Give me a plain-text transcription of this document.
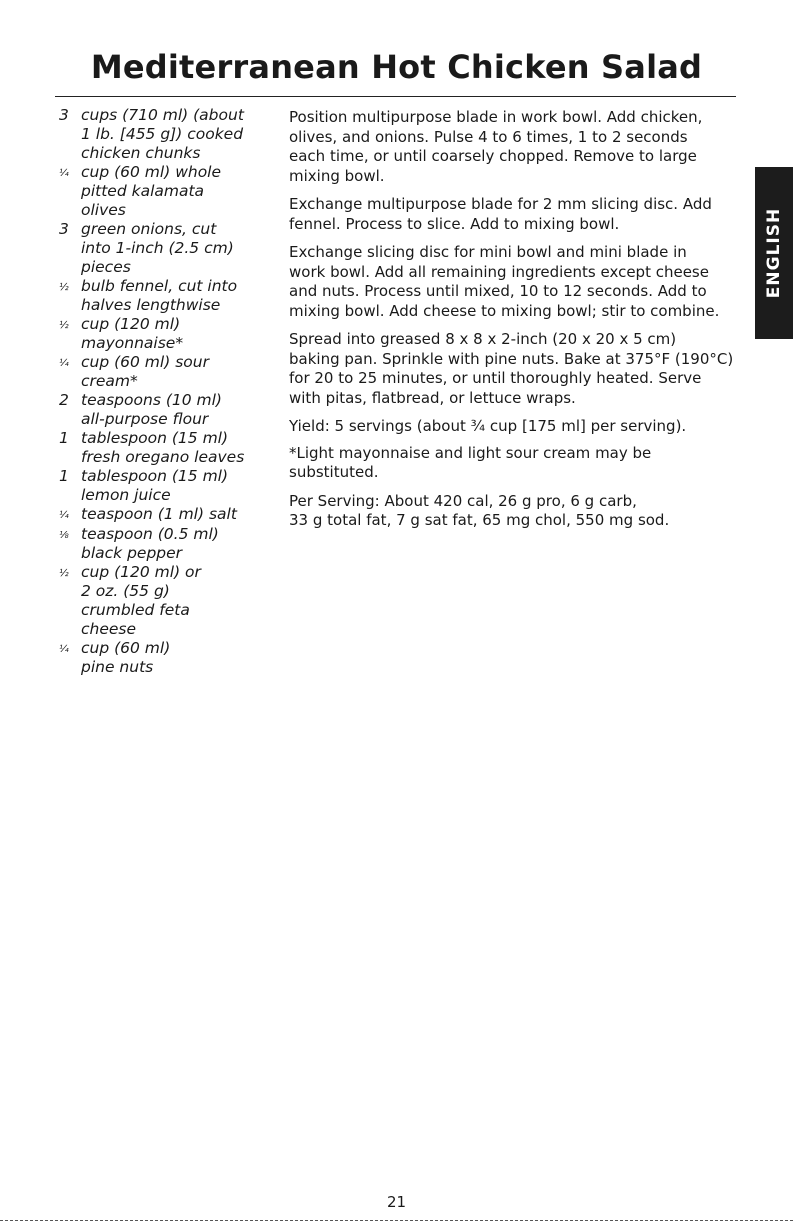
Mediterranean Hot Chicken Salad
3 cups (710 ml) (about
1 lb. [455 g]) cooked
chicken chunks
¼ cup (60 ml) whole
pitted kalamata
olives
3 green onions, cut
into 1-inch (2.5 cm)
pieces
½ bulb fennel, cut into
halves lengthwise
½ cup (120 ml)
mayonnaise*
¼ cup (60 ml) sour
cream*
2 teaspoons (10 ml)
all-purpose flour
1 tablespoon (15 ml)
fresh oregano leaves
1 tablespoon (15 ml)
lemon juice
¼ teaspoon (1 ml) salt
⅛ teaspoon (0.5 ml)
black pepper
½ cup (120 ml) or
2 oz. (55 g)
crumbled feta
cheese
¼ cup (60 ml)
pine nuts

Position multipurpose blade in work bowl. Add chicken,
olives, and onions. Pulse 4 to 6 times, 1 to 2 seconds
each time, or until coarsely chopped. Remove to large
mixing bowl.

Exchange multipurpose blade for 2 mm slicing disc. Add
fennel. Process to slice. Add to mixing bowl.

Exchange slicing disc for mini bowl and mini blade in
work bowl. Add all remaining ingredients except cheese
and nuts. Process until mixed, 10 to 12 seconds. Add to
mixing bowl. Add cheese to mixing bowl; stir to combine.

Spread into greased 8 x 8 x 2-inch (20 x 20 x 5 cm)
baking pan. Sprinkle with pine nuts. Bake at 375°F (190°C)
for 20 to 25 minutes, or until thoroughly heated. Serve
with pitas, flatbread, or lettuce wraps.

Yield: 5 servings (about ¾ cup [175 ml] per serving).

*Light mayonnaise and light sour cream may be
substituted.

Per Serving: About 420 cal, 26 g pro, 6 g carb,
33 g total fat, 7 g sat fat, 65 mg chol, 550 mg sod.

ENGLISH
21
